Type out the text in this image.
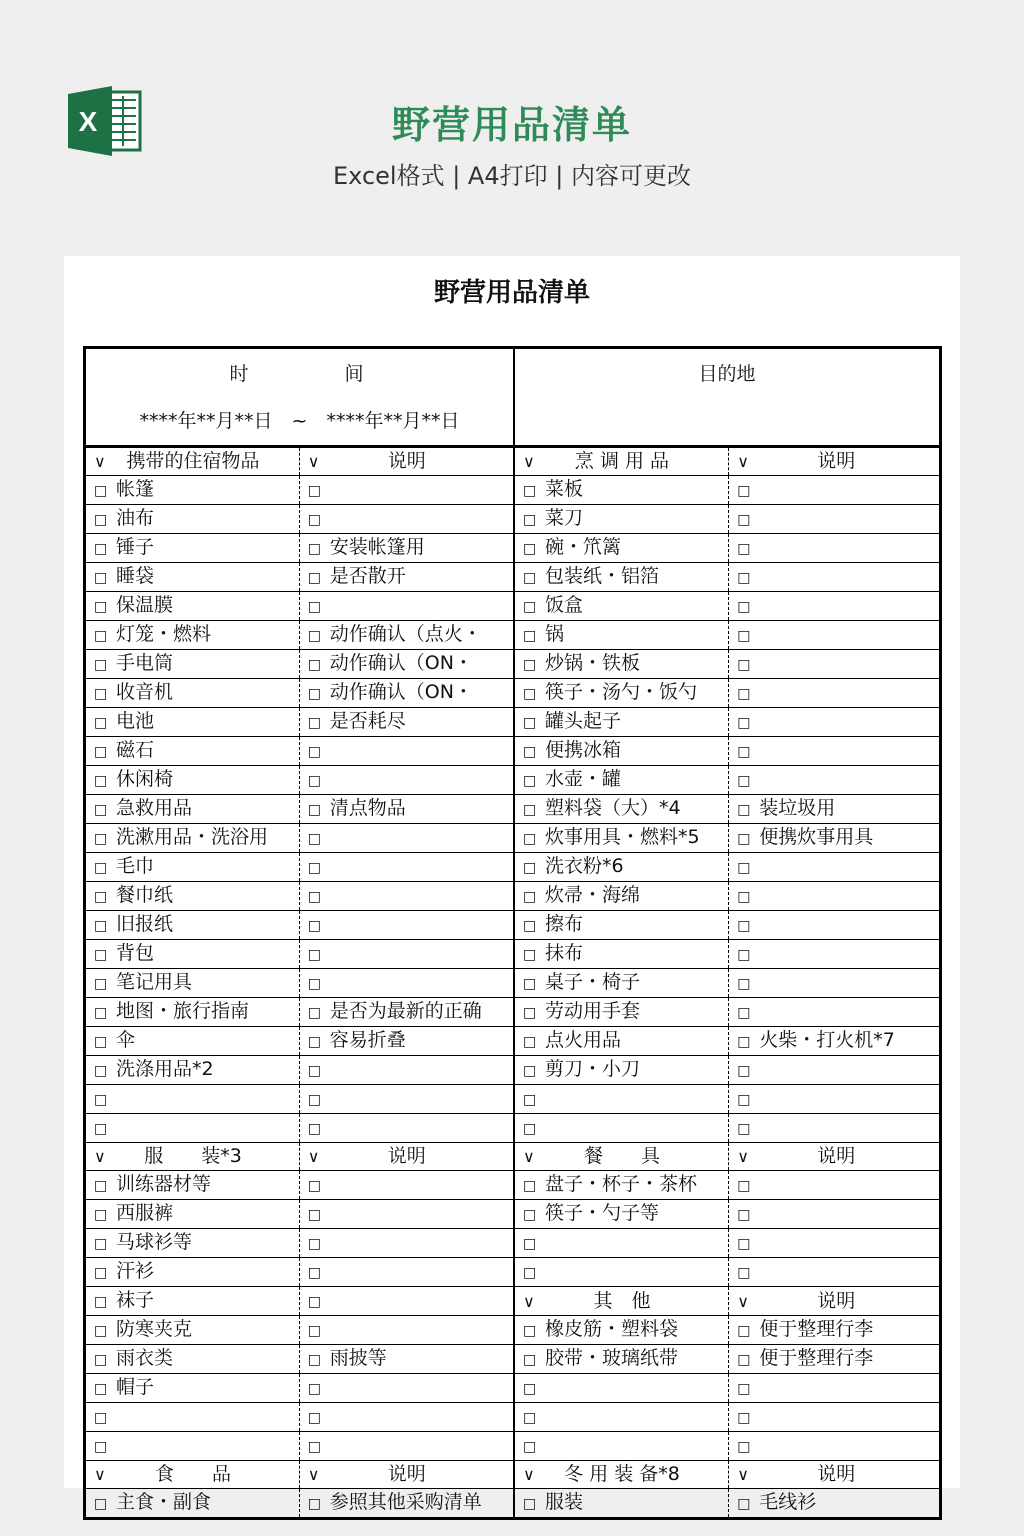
X	野营用品清单
Excel格式 | A4打印 | 内容可更改
野营用品清单
时间
****年**月**日　~　****年**月**日		目的地	

∨ 携带的住宿物品	∨ 说明	∨ 烹 调 用 品	∨ 说明
□ 帐篷	□	□ 菜板	□
□ 油布	□	□ 菜刀	□
□ 锤子	□ 安装帐篷用	□ 碗・笊篱	□
□ 睡袋	□ 是否散开	□ 包装纸・铝箔	□
□ 保温膜	□	□ 饭盒	□
□ 灯笼・燃料	□ 动作确认（点火・	□ 锅	□
□ 手电筒	□ 动作确认（ON・	□ 炒锅・铁板	□
□ 收音机	□ 动作确认（ON・	□ 筷子・汤勺・饭勺	□
□ 电池	□ 是否耗尽	□ 罐头起子	□
□ 磁石	□	□ 便携冰箱	□
□ 休闲椅	□	□ 水壶・罐	□
□ 急救用品	□ 清点物品	□ 塑料袋（大）*4	□ 装垃圾用
□ 洗漱用品・洗浴用	□	□ 炊事用具・燃料*5	□ 便携炊事用具
□ 毛巾	□	□ 洗衣粉*6	□
□ 餐巾纸	□	□ 炊帚・海绵	□
□ 旧报纸	□	□ 擦布	□
□ 背包	□	□ 抹布	□
□ 笔记用具	□	□ 桌子・椅子	□
□ 地图・旅行指南	□ 是否为最新的正确	□ 劳动用手套	□
□ 伞	□ 容易折叠	□ 点火用品	□ 火柴・打火机*7
□ 洗涤用品*2	□	□ 剪刀・小刀	□
□	□	□	□
□	□	□	□
∨ 服　　装*3	∨ 说明	∨ 餐　　具	∨ 说明
□ 训练器材等	□	□ 盘子・杯子・茶杯	□
□ 西服裤	□	□ 筷子・勺子等	□
□ 马球衫等	□	□	□
□ 汗衫	□	□	□
□ 袜子	□	∨ 其　他	∨ 说明
□ 防寒夹克	□	□ 橡皮筋・塑料袋	□ 便于整理行李
□ 雨衣类	□ 雨披等	□ 胶带・玻璃纸带	□ 便于整理行李
□ 帽子	□	□	□
□	□	□	□
□	□	□	□
∨ 食　　品	∨ 说明	∨ 冬 用 装 备*8	∨ 说明
□ 主食・副食	□ 参照其他采购清单	□ 服装	□ 毛线衫
